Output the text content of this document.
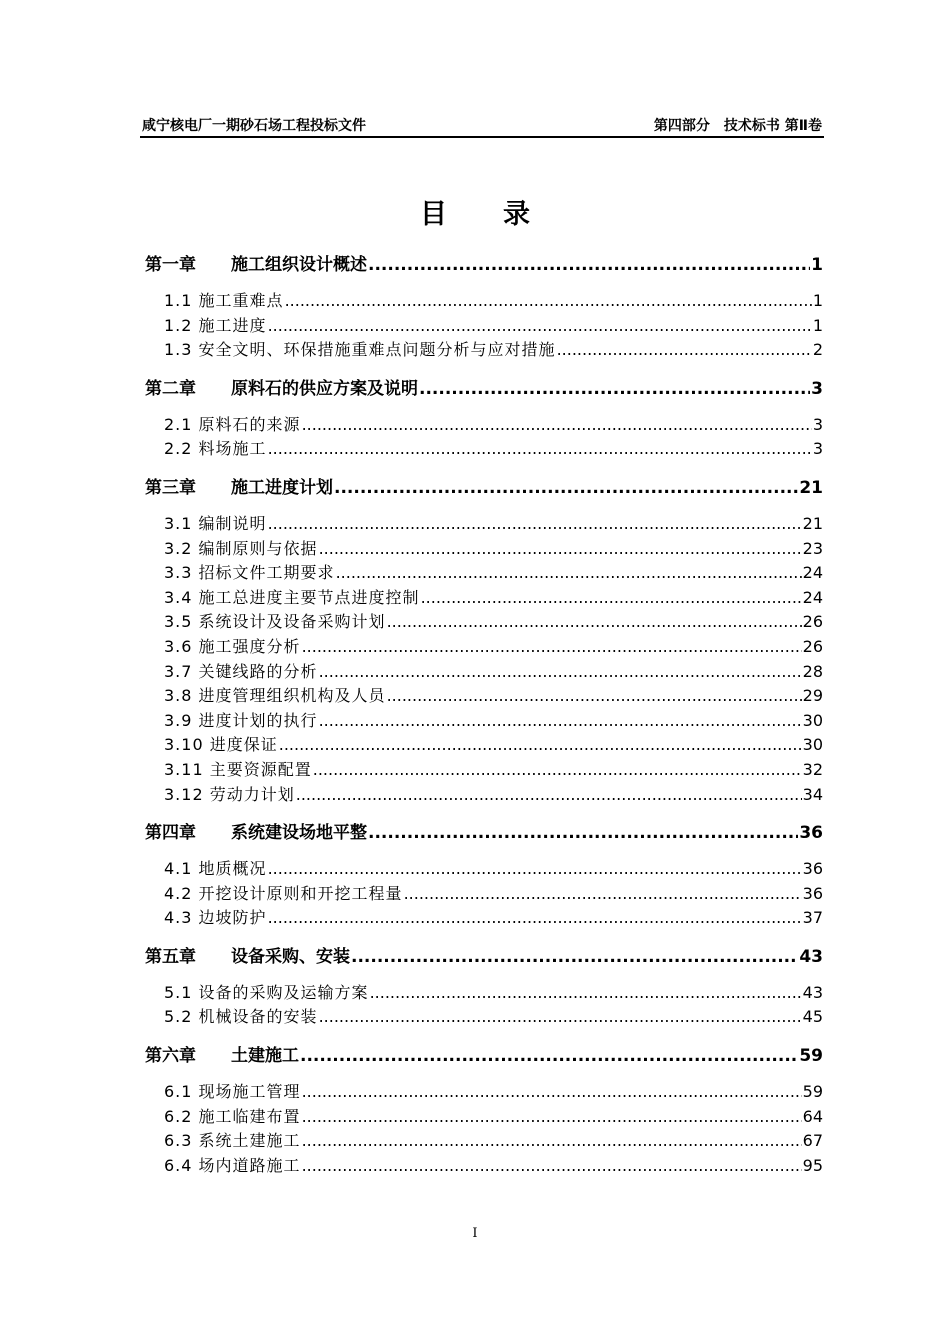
咸宁核电厂一期砂石场工程投标文件	第四部分　技术标书 第Ⅱ卷
目录
第一章	施工组织设计概述 .....	1
1.1 施工重难点 .....	1
1.2 施工进度 .....	1
1.3 安全文明、环保措施重难点问题分析与应对措施 .....	2
第二章	原料石的供应方案及说明 .....	3
2.1 原料石的来源 .....	3
2.2 料场施工 .....	3
第三章	施工进度计划 .....	21
3.1 编制说明 .....	21
3.2 编制原则与依据 .....	23
3.3 招标文件工期要求 .....	24
3.4 施工总进度主要节点进度控制 .....	24
3.5 系统设计及设备采购计划 .....	26
3.6 施工强度分析 .....	26
3.7 关键线路的分析 .....	28
3.8 进度管理组织机构及人员 .....	29
3.9 进度计划的执行 .....	30
3.10 进度保证 .....	30
3.11 主要资源配置 .....	32
3.12 劳动力计划 .....	34
第四章	系统建设场地平整 .....	36
4.1 地质概况 .....	36
4.2 开挖设计原则和开挖工程量 .....	36
4.3 边坡防护 .....	37
第五章	设备采购、安装 .....	43
5.1 设备的采购及运输方案 .....	43
5.2 机械设备的安装 .....	45
第六章	土建施工 .....	59
6.1 现场施工管理 .....	59
6.2 施工临建布置 .....	64
6.3 系统土建施工 .....	67
6.4 场内道路施工 .....	95
I
